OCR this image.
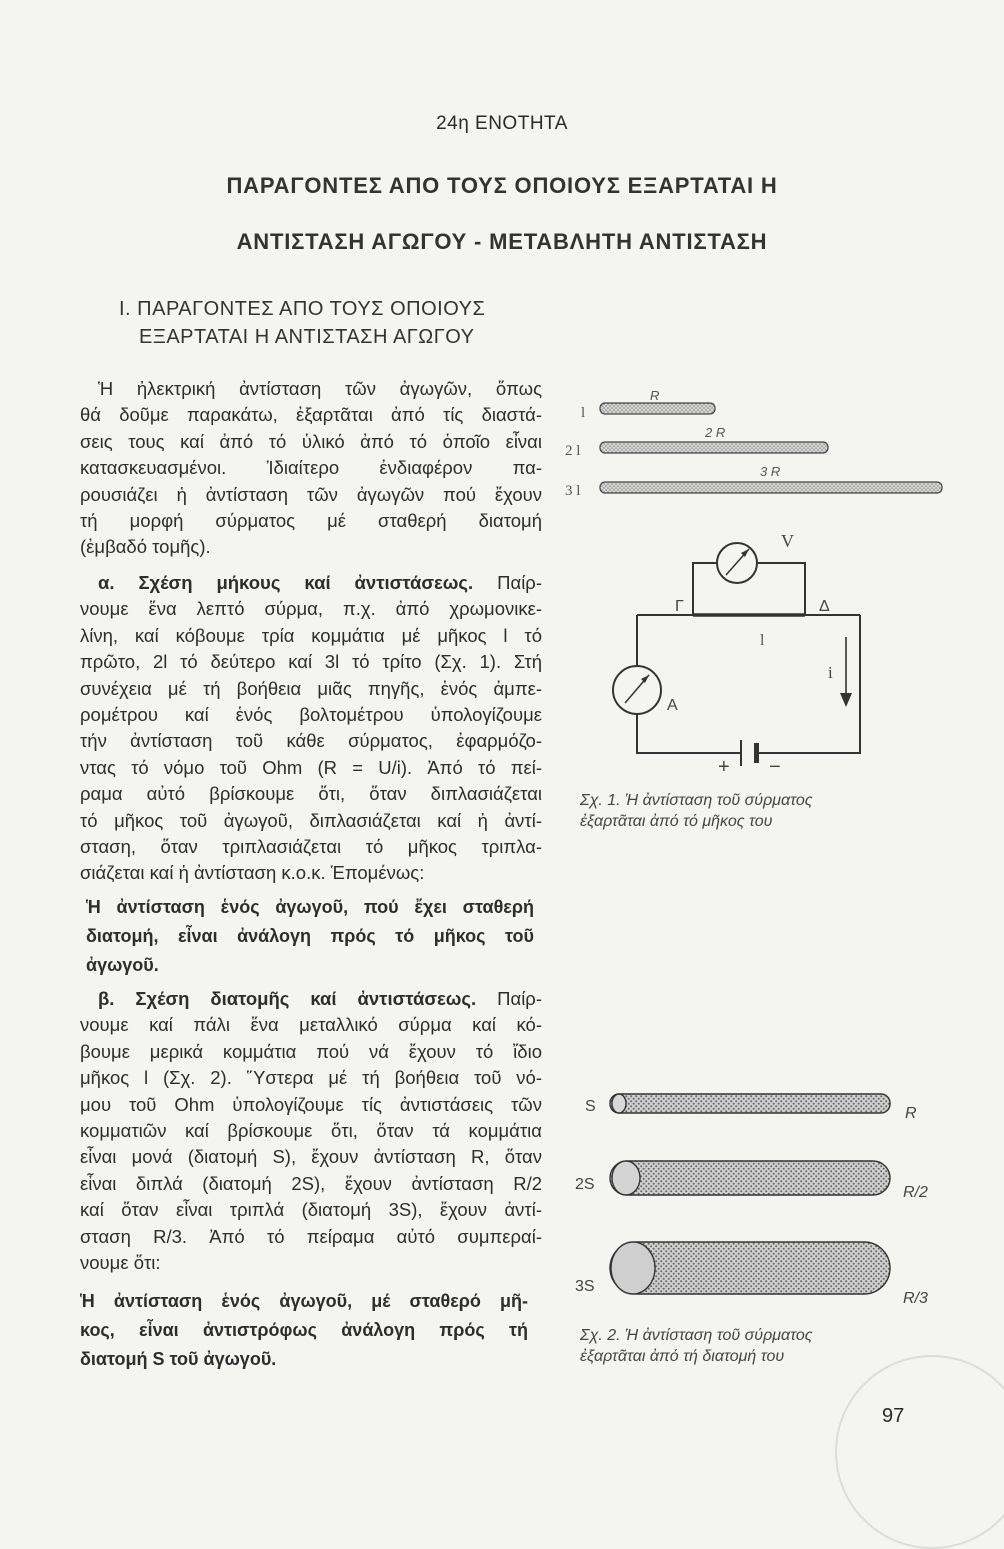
24η ΕΝΟΤΗΤΑ
ΠΑΡΑΓΟΝΤΕΣ ΑΠΟ ΤΟΥΣ ΟΠΟΙΟΥΣ ΕΞΑΡΤΑΤΑΙ Η
ΑΝΤΙΣΤΑΣΗ ΑΓΩΓΟΥ - ΜΕΤΑΒΛΗΤΗ ΑΝΤΙΣΤΑΣΗ
Ι. ΠΑΡΑΓΟΝΤΕΣ ΑΠΟ ΤΟΥΣ ΟΠΟΙΟΥΣ
ΕΞΑΡΤΑΤΑΙ Η ΑΝΤΙΣΤΑΣΗ ΑΓΩΓΟΥ
Ἡ ἠλεκτρική ἀντίσταση τῶν ἀγωγῶν, ὅπως
θά δοῦμε παρακάτω, ἐξαρτᾶται ἀπό τίς διαστά-
σεις τους καί ἀπό τό ὑλικό ἀπό τό ὁποῖο εἶναι
κατασκευασμένοι. Ἰδιαίτερο ἐνδιαφέρον πα-
ρουσιάζει ἡ ἀντίσταση τῶν ἀγωγῶν πού ἔχουν
τή μορφή σύρματος μέ σταθερή διατομή
(ἐμβαδό τομῆς).
α. Σχέση μήκους καί ἀντιστάσεως. Παίρ-
νουμε ἕνα λεπτό σύρμα, π.χ. ἀπό χρωμονικε-
λίνη, καί κόβουμε τρία κομμάτια μέ μῆκος l τό
πρῶτο, 2l τό δεύτερο καί 3l τό τρίτο (Σχ. 1). Στή
συνέχεια μέ τή βοήθεια μιᾶς πηγῆς, ἑνός ἀμπε-
ρομέτρου καί ἑνός βολτομέτρου ὑπολογίζουμε
τήν ἀντίσταση τοῦ κάθε σύρματος, ἐφαρμόζο-
ντας τό νόμο τοῦ Ohm (R = U/i). Ἀπό τό πεί-
ραμα αὐτό βρίσκουμε ὅτι, ὅταν διπλασιάζεται
τό μῆκος τοῦ ἀγωγοῦ, διπλασιάζεται καί ἡ ἀντί-
σταση, ὅταν τριπλασιάζεται τό μῆκος τριπλα-
σιάζεται καί ἡ ἀντίσταση κ.ο.κ. Ἑπομένως:
Ἡ ἀντίσταση ἑνός ἀγωγοῦ, πού ἔχει σταθερή
διατομή, εἶναι ἀνάλογη πρός τό μῆκος τοῦ
ἀγωγοῦ.
β. Σχέση διατομῆς καί ἀντιστάσεως. Παίρ-
νουμε καί πάλι ἕνα μεταλλικό σύρμα καί κό-
βουμε μερικά κομμάτια πού νά ἔχουν τό ἴδιο
μῆκος l (Σχ. 2). Ὕστερα μέ τή βοήθεια τοῦ νό-
μου τοῦ Ohm ὑπολογίζουμε τίς ἀντιστάσεις τῶν
κομματιῶν καί βρίσκουμε ὅτι, ὅταν τά κομμάτια
εἶναι μονά (διατομή S), ἔχουν ἀντίσταση R, ὅταν
εἶναι διπλά (διατομή 2S), ἔχουν ἀντίσταση R/2
καί ὅταν εἶναι τριπλά (διατομή 3S), ἔχουν ἀντί-
σταση R/3. Ἀπό τό πείραμα αὐτό συμπεραί-
νουμε ὅτι:
Ἡ ἀντίσταση ἑνός ἀγωγοῦ, μέ σταθερό μῆ-
κος, εἶναι ἀντιστρόφως ἀνάλογη πρός τή
διατομή S τοῦ ἀγωγοῦ.
l
R
2 l
2 R
3 l
3 R
V
A
Γ	Δ
l
i
+ −
Σχ. 1. Ἡ ἀντίσταση τοῦ σύρματος
ἐξαρτᾶται ἀπό τό μῆκος του
S	R
2S	R/2
3S
R/3
Σχ. 2. Ἡ ἀντίσταση τοῦ σύρματος
ἐξαρτᾶται ἀπό τή διατομή του
97
